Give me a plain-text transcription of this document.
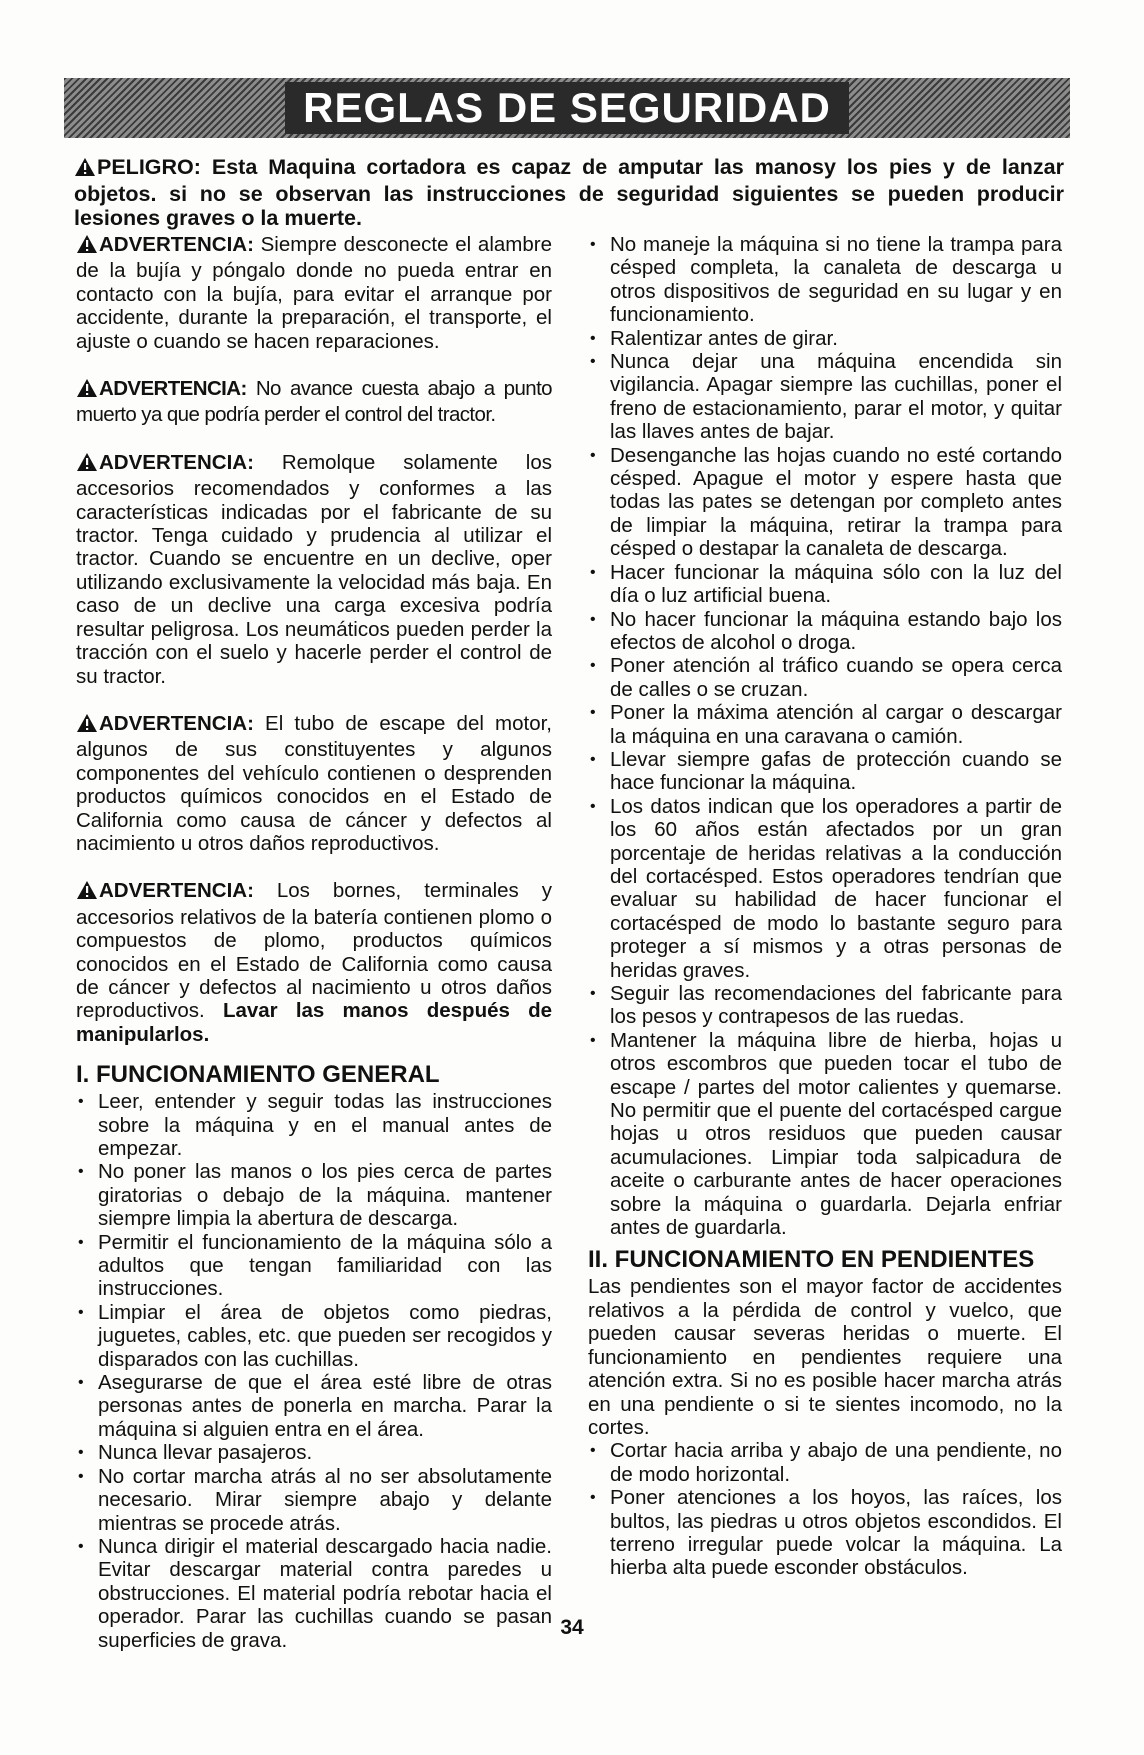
REGLAS DE SEGURIDAD
PELIGRO: Esta Maquina cortadora es capaz de amputar las manosy los pies y de lanzar objetos. si no se observan las instrucciones de seguridad siguientes se pueden producir lesiones graves o la muerte.

ADVERTENCIA: Siempre desconecte el alambre de la bujía y póngalo donde no pueda entrar en contacto con la bujía, para evitar el arranque por accidente, durante la preparación, el transporte, el ajuste o cuando se hacen reparaciones.

ADVERTENCIA: No avance cuesta abajo a punto muerto ya que podría perder el control del tractor.

ADVERTENCIA: Remolque solamente los accesorios recomendados y conformes a las características indicadas por el fabricante de su tractor. Tenga cuidado y prudencia al utilizar el tractor. Cuando se encuentre en un declive, oper utilizando exclusivamente la velocidad más baja. En caso de un declive una carga excesiva podría resultar peligrosa. Los neumáticos pueden perder la tracción con el suelo y hacerle perder el control de su tractor.

ADVERTENCIA: El tubo de escape del motor, algunos de sus constituyentes y algunos componentes del vehículo contienen o desprenden productos químicos conocidos en el Estado de California como causa de cáncer y defectos al nacimiento u otros daños reproductivos.

ADVERTENCIA: Los bornes, terminales y accesorios relativos de la batería contienen plomo o compuestos de plomo, productos químicos conocidos en el Estado de California como causa de cáncer y defectos al nacimiento u otros daños reproductivos. Lavar las manos después de manipularlos.

I. FUNCIONAMIENTO GENERAL

• Leer, entender y seguir todas las instrucciones sobre la máquina y en el manual antes de empezar.

• No poner las manos o los pies cerca de partes giratorias o debajo de la máquina. mantener siempre limpia la abertura de descarga.

• Permitir el funcionamiento de la máquina sólo a adultos que tengan familiaridad con las instrucciones.

• Limpiar el área de objetos como piedras, juguetes, cables, etc. que pueden ser recogidos y disparados con las cuchillas.

• Asegurarse de que el área esté libre de otras personas antes de ponerla en marcha. Parar la máquina si alguien entra en el área.

• Nunca llevar pasajeros.

• No cortar marcha atrás al no ser absolutamente necesario. Mirar siempre abajo y delante mientras se procede atrás.

• Nunca dirigir el material descargado hacia nadie. Evitar descargar material contra paredes u obstrucciones. El material podría rebotar hacia el operador. Parar las cuchillas cuando se pasan superficies de grava.

• No maneje la máquina si no tiene la trampa para césped completa, la canaleta de descarga u otros dispositivos de seguridad en su lugar y en funcionamiento.

• Ralentizar antes de girar.

• Nunca dejar una máquina encendida sin vigilancia. Apagar siempre las cuchillas, poner el freno de estacionamiento, parar el motor, y quitar las llaves antes de bajar.

• Desenganche las hojas cuando no esté cortando césped. Apague el motor y espere hasta que todas las pates se detengan por completo antes de limpiar la máquina, retirar la trampa para césped o destapar la canaleta de descarga.

• Hacer funcionar la máquina sólo con la luz del día o luz artificial buena.

• No hacer funcionar la máquina estando bajo los efectos de alcohol o droga.

• Poner atención al tráfico cuando se opera cerca de calles o se cruzan.

• Poner la máxima atención al cargar o descargar la máquina en una caravana o camión.

• Llevar siempre gafas de protección cuando se hace funcionar la máquina.

• Los datos indican que los operadores a partir de los 60 años están afectados por un gran porcentaje de heridas relativas a la conducción del cortacésped. Estos operadores tendrían que evaluar su habilidad de hacer funcionar el cortacésped de modo lo bastante seguro para proteger a sí mismos y a otras personas de heridas graves.

• Seguir las recomendaciones del fabricante para los pesos y contrapesos de las ruedas.

• Mantener la máquina libre de hierba, hojas u otros escombros que pueden tocar el tubo de escape / partes del motor calientes y quemarse. No permitir que el puente del cortacésped cargue hojas u otros residuos que pueden causar acumulaciones. Limpiar toda salpicadura de aceite o carburante antes de hacer operaciones sobre la máquina o guardarla. Dejarla enfriar antes de guardarla.

II. FUNCIONAMIENTO EN PENDIENTES

Las pendientes son el mayor factor de accidentes relativos a la pérdida de control y vuelco, que pueden causar severas heridas o muerte. El funcionamiento en pendientes requiere una atención extra. Si no es posible hacer marcha atrás en una pendiente o si te sientes incomodo, no la cortes.

• Cortar hacia arriba y abajo de una pendiente, no de modo horizontal.

• Poner atenciones a los hoyos, las raíces, los bultos, las piedras u otros objetos escondidos. El terreno irregular puede volcar la máquina. La hierba alta puede esconder obstáculos.

34
